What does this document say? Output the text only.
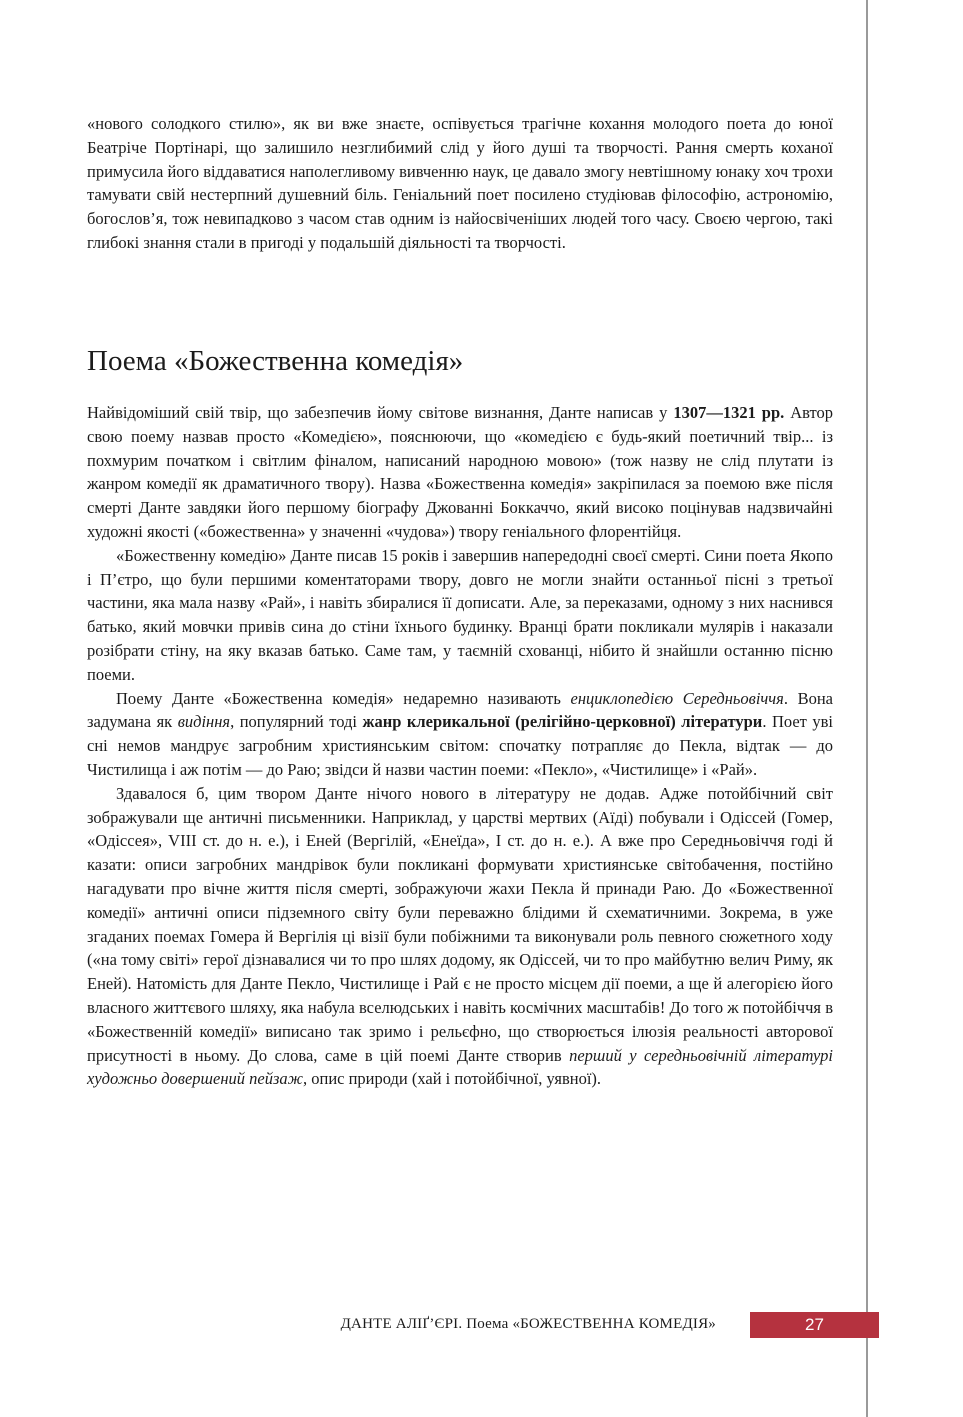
«нового солодкого стилю», як ви вже знаєте, оспівується трагічне кохання молодого поета до юної Беатріче Портінарі, що залишило незглибимий слід у його душі та творчості. Рання смерть коханої примусила його віддаватися наполегливому вивченню наук, це давало змогу невтішному юнаку хоч трохи тамувати свій нестерпний душевний біль. Геніальний поет посилено студіював філософію, астрономію, богослов’я, тож невипадково з часом став одним із найосвіченіших людей того часу. Своєю чергою, такі глибокі знання стали в пригоді у подальшій діяльності та творчості.

Поема «Божественна комедія»

Найвідоміший свій твір, що забезпечив йому світове визнання, Данте написав у 1307—1321 рр. Автор свою поему назвав просто «Комедією», пояснюючи, що «комедією є будь-який поетичний твір... із похмурим початком і світлим фіналом, написаний народною мовою» (тож назву не слід плутати із жанром комедії як драматичного твору). Назва «Божественна комедія» закріпилася за поемою вже після смерті Данте завдяки його першому біографу Джованні Боккаччо, який високо поцінував надзвичайні художні якості («божественна» у значенні «чудова») твору геніального флорентійця.

«Божественну комедію» Данте писав 15 років і завершив напередодні своєї смерті. Сини поета Якопо і П’єтро, що були першими коментаторами твору, довго не могли знайти останньої пісні з третьої частини, яка мала назву «Рай», і навіть збиралися її дописати. Але, за переказами, одному з них наснився батько, який мовчки привів сина до стіни їхнього будинку. Вранці брати покликали мулярів і наказали розібрати стіну, на яку вказав батько. Саме там, у таємній схованці, нібито й знайшли останню пісню поеми.

Поему Данте «Божественна комедія» недаремно називають енциклопедією Середньовіччя. Вона задумана як видіння, популярний тоді жанр клерикальної (релігійно-церковної) літератури. Поет уві сні немов мандрує загробним християнським світом: спочатку потрапляє до Пекла, відтак — до Чистилища і аж потім — до Раю; звідси й назви частин поеми: «Пекло», «Чистилище» і «Рай».

Здавалося б, цим твором Данте нічого нового в літературу не додав. Адже потойбічний світ зображували ще античні письменники. Наприклад, у царстві мертвих (Аїді) побували і Одіссей (Гомер, «Одіссея», VIII ст. до н. е.), і Еней (Вергілій, «Енеїда», I ст. до н. е.). А вже про Середньовіччя годі й казати: описи загробних мандрівок були покликані формувати християнське світобачення, постійно нагадувати про вічне життя після смерті, зображуючи жахи Пекла й принади Раю. До «Божественної комедії» античні описи підземного світу були переважно блідими й схематичними. Зокрема, в уже згаданих поемах Гомера й Вергілія ці візії були побіжними та виконували роль певного сюжетного ходу («на тому світі» герої дізнавалися чи то про шлях додому, як Одіссей, чи то про майбутню велич Риму, як Еней). Натомість для Данте Пекло, Чистилище і Рай є не просто місцем дії поеми, а ще й алегорією його власного життєвого шляху, яка набула вселюдських і навіть космічних масштабів! До того ж потойбіччя в «Божественній комедії» виписано так зримо і рельєфно, що створюється ілюзія реальності авторової присутності в ньому. До слова, саме в цій поемі Данте створив перший у середньовічній літературі художньо довершений пейзаж, опис природи (хай і потойбічної, уявної).

ДАНТЕ АЛІҐ’ЄРІ. Поема «БОЖЕСТВЕННА КОМЕДІЯ»	27
